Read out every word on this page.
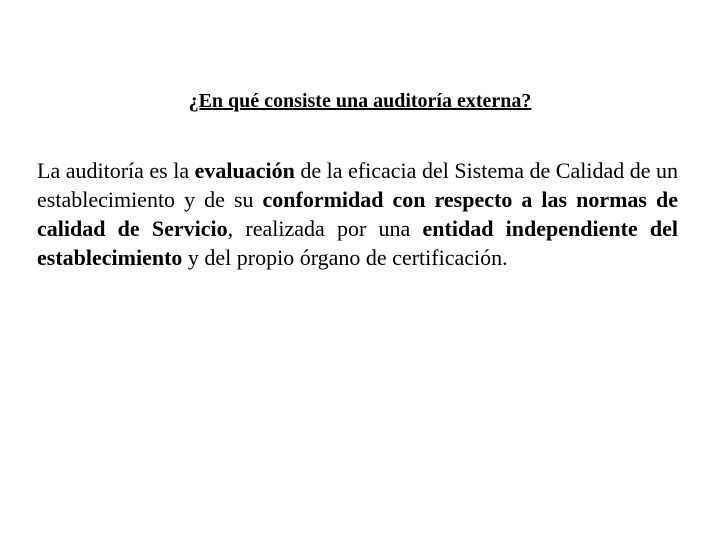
¿En qué consiste una auditoría externa?

La auditoría es la evaluación de la eficacia del Sistema de Calidad de un establecimiento y de su conformidad con respecto a las normas de calidad de Servicio, realizada por una entidad independiente del establecimiento y del propio órgano de certificación.
